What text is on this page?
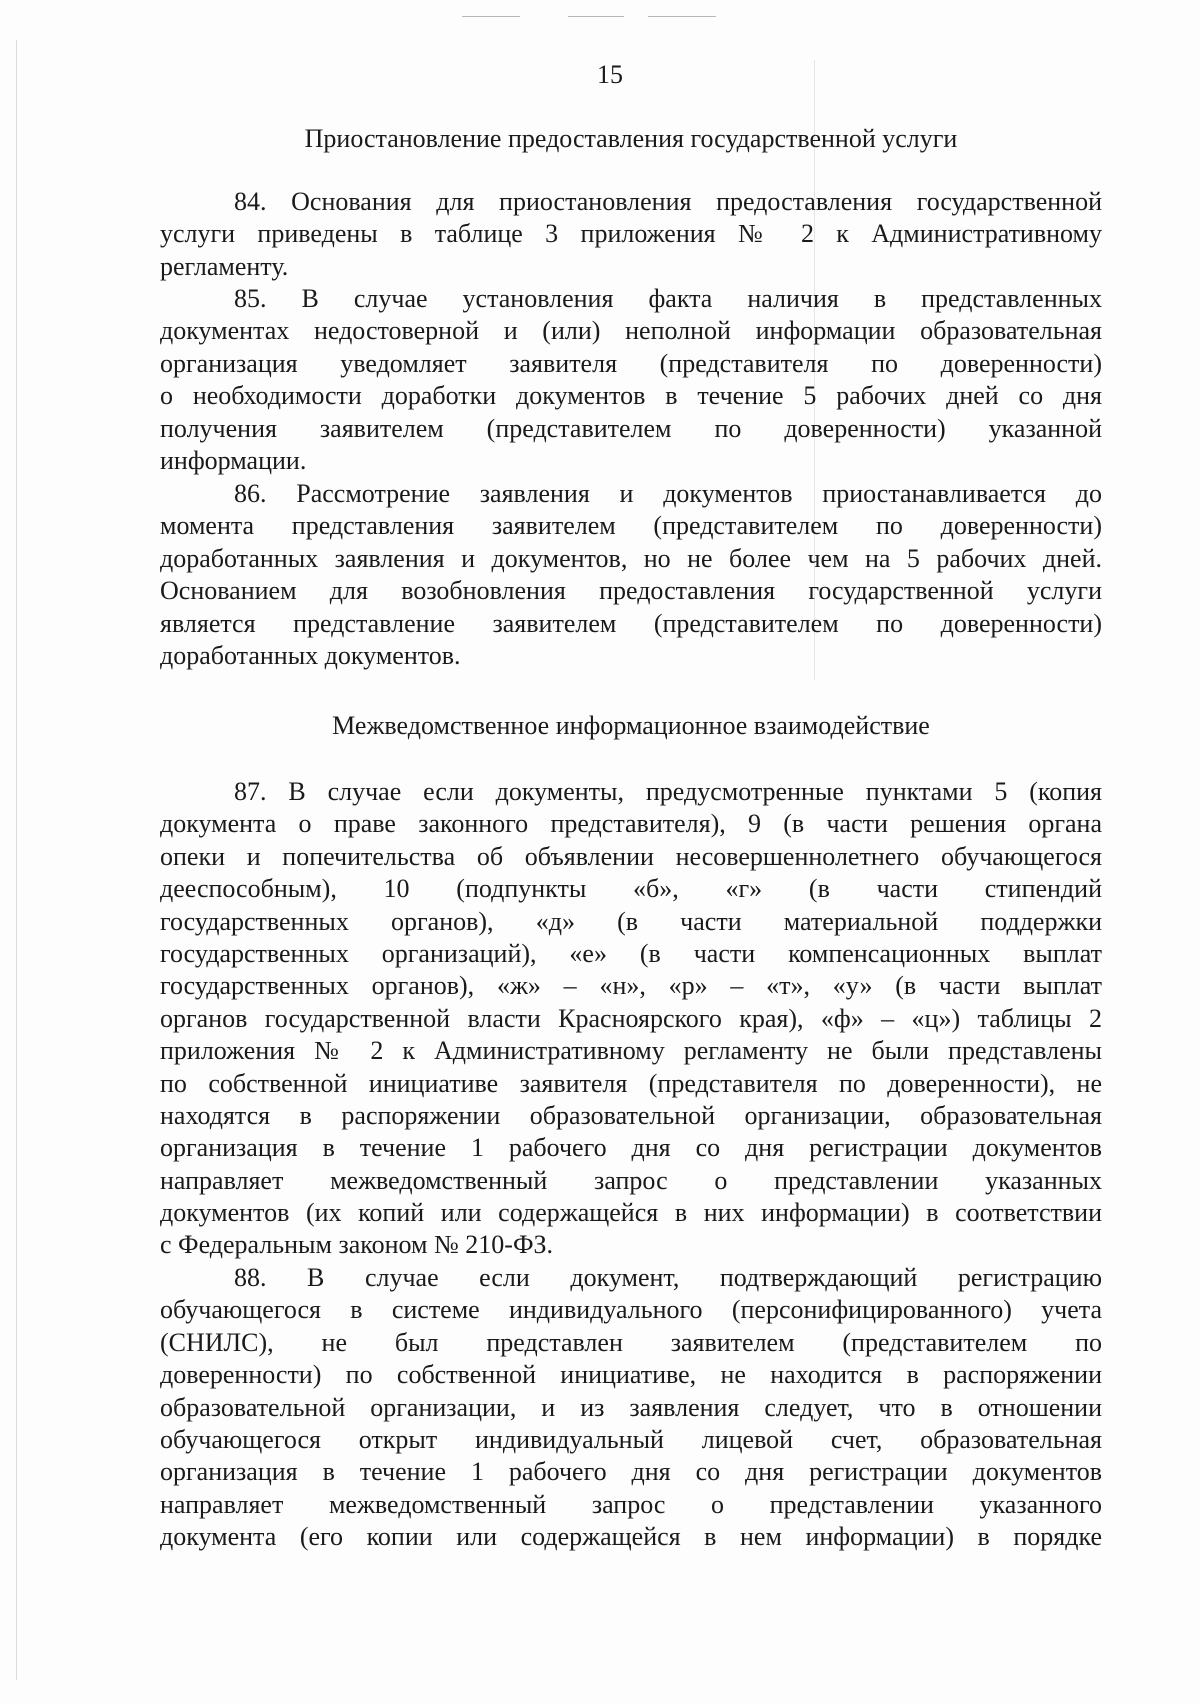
15
Приостановление предоставления государственной услуги
84. Основания для приостановления предоставления государственной
услуги приведены в таблице 3 приложения № 2 к Административному
регламенту.
85. В случае установления факта наличия в представленных
документах недостоверной и (или) неполной информации образовательная
организация уведомляет заявителя (представителя по доверенности)
о необходимости доработки документов в течение 5 рабочих дней со дня
получения заявителем (представителем по доверенности) указанной
информации.
86. Рассмотрение заявления и документов приостанавливается до
момента представления заявителем (представителем по доверенности)
доработанных заявления и документов, но не более чем на 5 рабочих дней.
Основанием для возобновления предоставления государственной услуги
является представление заявителем (представителем по доверенности)
доработанных документов.
Межведомственное информационное взаимодействие
87. В случае если документы, предусмотренные пунктами 5 (копия
документа о праве законного представителя), 9 (в части решения органа
опеки и попечительства об объявлении несовершеннолетнего обучающегося
дееспособным), 10 (подпункты «б», «г» (в части стипендий
государственных органов), «д» (в части материальной поддержки
государственных организаций), «е» (в части компенсационных выплат
государственных органов), «ж» – «н», «р» – «т», «у» (в части выплат
органов государственной власти Красноярского края), «ф» – «ц») таблицы 2
приложения № 2 к Административному регламенту не были представлены
по собственной инициативе заявителя (представителя по доверенности), не
находятся в распоряжении образовательной организации, образовательная
организация в течение 1 рабочего дня со дня регистрации документов
направляет межведомственный запрос о представлении указанных
документов (их копий или содержащейся в них информации) в соответствии
с Федеральным законом № 210-ФЗ.
88. В случае если документ, подтверждающий регистрацию
обучающегося в системе индивидуального (персонифицированного) учета
(СНИЛС), не был представлен заявителем (представителем по
доверенности) по собственной инициативе, не находится в распоряжении
образовательной организации, и из заявления следует, что в отношении
обучающегося открыт индивидуальный лицевой счет, образовательная
организация в течение 1 рабочего дня со дня регистрации документов
направляет межведомственный запрос о представлении указанного
документа (его копии или содержащейся в нем информации) в порядке
